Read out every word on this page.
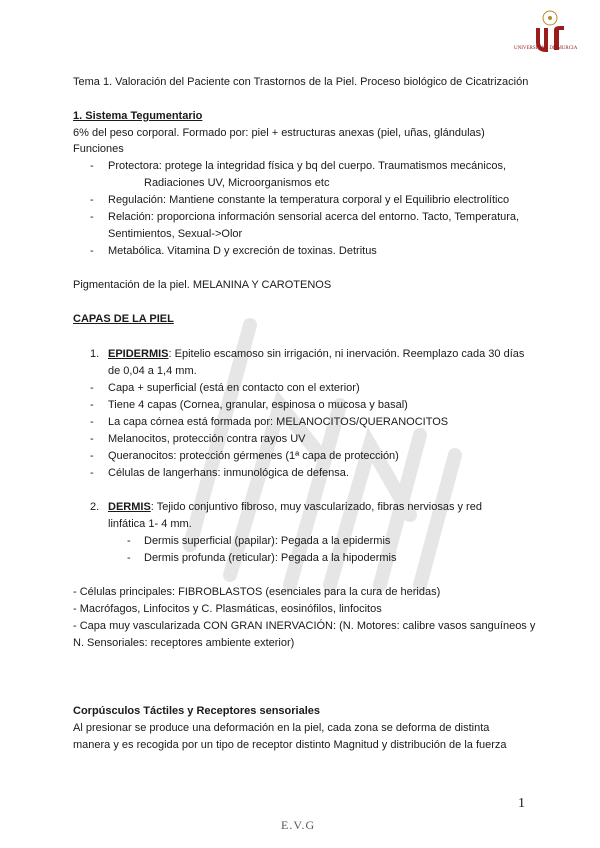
UNIVERSIDAD DE MURCIA
Tema 1. Valoración del Paciente con Trastornos de la Piel. Proceso biológico de Cicatrización
1. Sistema Tegumentario
6% del peso corporal. Formado por: piel + estructuras anexas (piel, uñas, glándulas)
Funciones
- Protectora: protege la integridad física y bq del cuerpo. Traumatismos mecánicos,
Radiaciones UV, Microorganismos etc
- Regulación: Mantiene constante la temperatura corporal y el Equilibrio electrolítico
- Relación: proporciona información sensorial acerca del entorno. Tacto, Temperatura,
Sentimientos, Sexual->Olor
- Metabólica. Vitamina D y excreción de toxinas. Detritus
Pigmentación de la piel. MELANINA Y CAROTENOS
CAPAS DE LA PIEL
1. EPIDERMIS: Epitelio escamoso sin irrigación, ni inervación. Reemplazo cada 30 días
de 0,04 a 1,4 mm.
- Capa + superficial (está en contacto con el exterior)
- Tiene 4 capas (Cornea, granular, espinosa o mucosa y basal)
- La capa córnea está formada por: MELANOCITOS/QUERANOCITOS
- Melanocitos, protección contra rayos UV
- Queranocitos: protección gérmenes (1ª capa de protección)
- Células de langerhans: inmunológica de defensa.
2. DERMIS: Tejido conjuntivo fibroso, muy vascularizado, fibras nerviosas y red
linfática 1- 4 mm.
- Dermis superficial (papilar): Pegada a la epidermis
- Dermis profunda (reticular): Pegada a la hipodermis
- Células principales: FIBROBLASTOS (esenciales para la cura de heridas)
- Macrófagos, Linfocitos y C. Plasmáticas, eosinófilos, linfocitos
- Capa muy vascularizada CON GRAN INERVACIÓN: (N. Motores: calibre vasos sanguíneos y
N. Sensoriales: receptores ambiente exterior)
Corpúsculos Táctiles y Receptores sensoriales
Al presionar se produce una deformación en la piel, cada zona se deforma de distinta
manera y es recogida por un tipo de receptor distinto Magnitud y distribución de la fuerza
1
E.V.G
